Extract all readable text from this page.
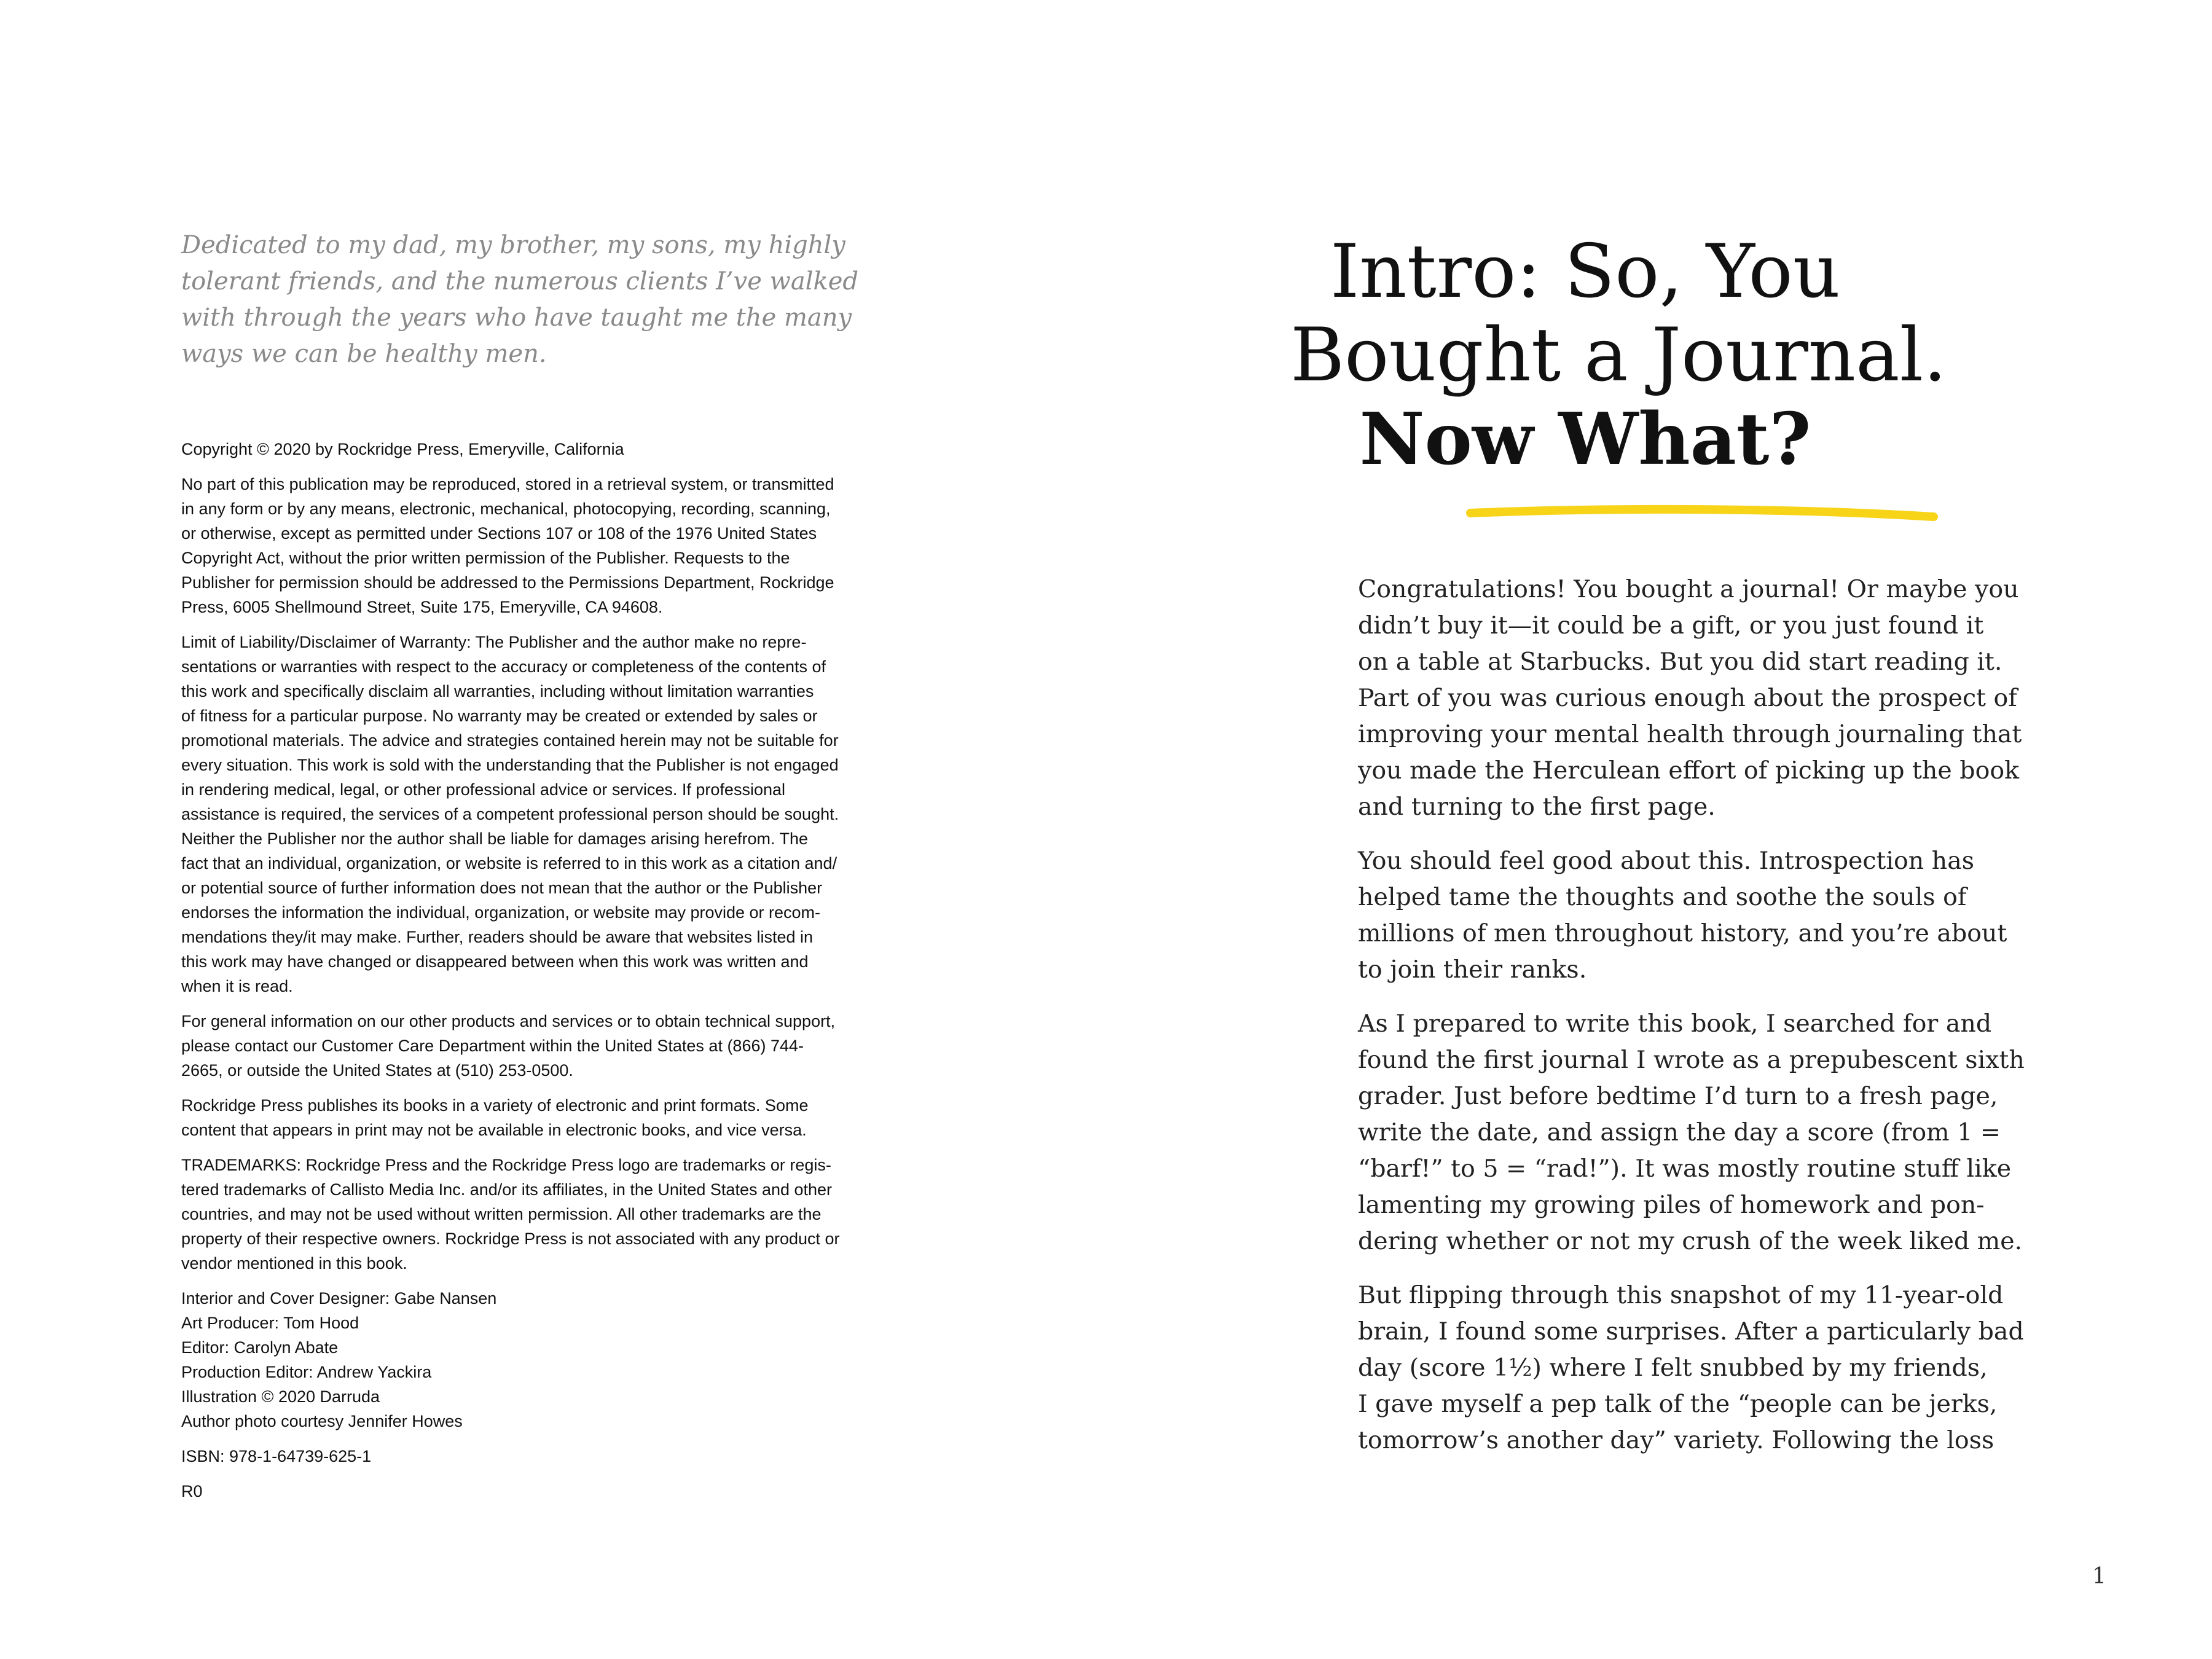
Dedicated to my dad, my brother, my sons, my highly
tolerant friends, and the numerous clients I’ve walked
with through the years who have taught me the many
ways we can be healthy men.
Copyright © 2020 by Rockridge Press, Emeryville, California
No part of this publication may be reproduced, stored in a retrieval system, or transmitted
in any form or by any means, electronic, mechanical, photocopying, recording, scanning,
or otherwise, except as permitted under Sections 107 or 108 of the 1976 United States
Copyright Act, without the prior written permission of the Publisher. Requests to the
Publisher for permission should be addressed to the Permissions Department, Rockridge
Press, 6005 Shellmound Street, Suite 175, Emeryville, CA 94608.
Limit of Liability/Disclaimer of Warranty: The Publisher and the author make no repre-
sentations or warranties with respect to the accuracy or completeness of the contents of
this work and specifically disclaim all warranties, including without limitation warranties
of fitness for a particular purpose. No warranty may be created or extended by sales or
promotional materials. The advice and strategies contained herein may not be suitable for
every situation. This work is sold with the understanding that the Publisher is not engaged
in rendering medical, legal, or other professional advice or services. If professional
assistance is required, the services of a competent professional person should be sought.
Neither the Publisher nor the author shall be liable for damages arising herefrom. The
fact that an individual, organization, or website is referred to in this work as a citation and/
or potential source of further information does not mean that the author or the Publisher
endorses the information the individual, organization, or website may provide or recom-
mendations they/it may make. Further, readers should be aware that websites listed in
this work may have changed or disappeared between when this work was written and
when it is read.
For general information on our other products and services or to obtain technical support,
please contact our Customer Care Department within the United States at (866) 744-
2665, or outside the United States at (510) 253-0500.
Rockridge Press publishes its books in a variety of electronic and print formats. Some
content that appears in print may not be available in electronic books, and vice versa.
TRADEMARKS: Rockridge Press and the Rockridge Press logo are trademarks or regis-
tered trademarks of Callisto Media Inc. and/or its affiliates, in the United States and other
countries, and may not be used without written permission. All other trademarks are the
property of their respective owners. Rockridge Press is not associated with any product or
vendor mentioned in this book.
Interior and Cover Designer: Gabe Nansen
Art Producer: Tom Hood
Editor: Carolyn Abate
Production Editor: Andrew Yackira
Illustration © 2020 Darruda
Author photo courtesy Jennifer Howes
ISBN: 978-1-64739-625-1
R0
Intro: So, You
Bought a Journal.
Now What?
Congratulations! You bought a journal! Or maybe you
didn’t buy it—it could be a gift, or you just found it
on a table at Starbucks. But you did start reading it.
Part of you was curious enough about the prospect of
improving your mental health through journaling that
you made the Herculean effort of picking up the book
and turning to the first page.
You should feel good about this. Introspection has
helped tame the thoughts and soothe the souls of
millions of men throughout history, and you’re about
to join their ranks.
As I prepared to write this book, I searched for and
found the first journal I wrote as a prepubescent sixth
grader. Just before bedtime I’d turn to a fresh page,
write the date, and assign the day a score (from 1 =
“barf!” to 5 = “rad!”). It was mostly routine stuff like
lamenting my growing piles of homework and pon-
dering whether or not my crush of the week liked me.
But flipping through this snapshot of my 11-year-old
brain, I found some surprises. After a particularly bad
day (score 1½) where I felt snubbed by my friends,
I gave myself a pep talk of the “people can be jerks,
tomorrow’s another day” variety. Following the loss
1
